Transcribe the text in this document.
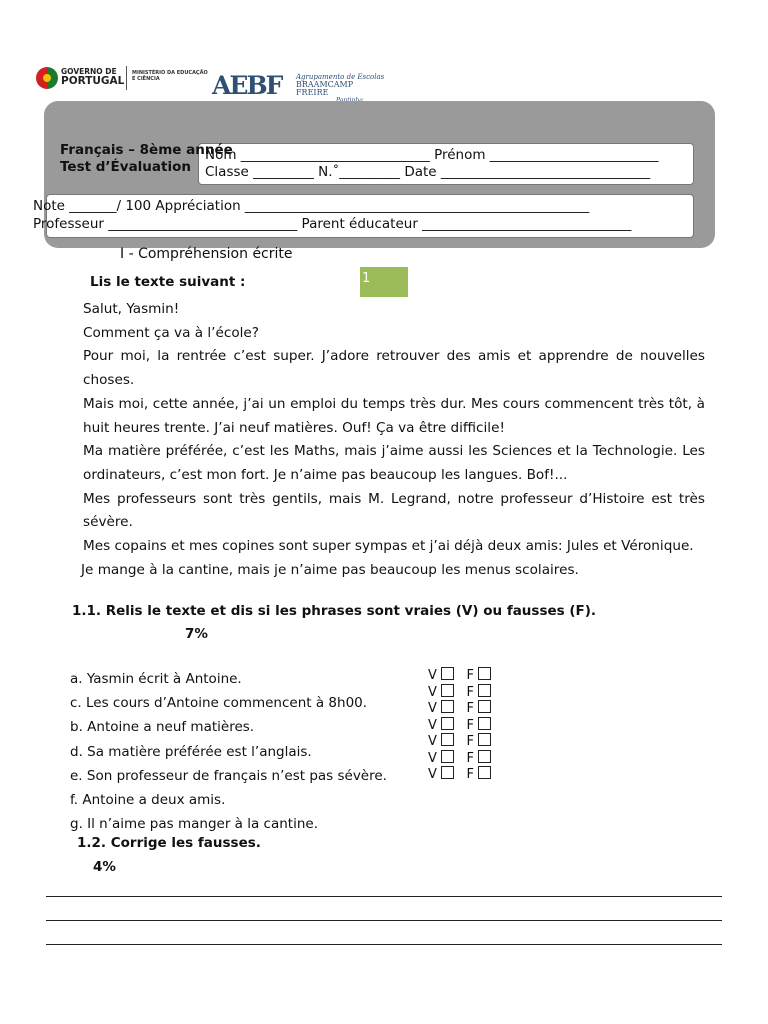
GOVERNO DE
PORTUGAL
MINISTÉRIO DA EDUCAÇÃO
E CIÊNCIA	AEBF Agrupamento de Escolas
BRAAMCAMP
FREIRE
Français – 8ème année
Test d’Évaluation
Nom ____________________________ Prénom _________________________
Classe _________ N.˚_________ Date _______________________________
Note _______/ 100 Appréciation ___________________________________________________
Professeur ____________________________ Parent éducateur _______________________________
I - Compréhension écrite
Lis le texte suivant :	1

Salut, Yasmin!

Comment ça va à l’école?

Pour moi, la rentrée c’est super. J’adore retrouver des amis et apprendre de nouvelles choses.

Mais moi, cette année, j’ai un emploi du temps très dur. Mes cours commencent très tôt, à huit heures trente. J’ai neuf matières. Ouf! Ça va être difficile!

Ma matière préférée, c’est les Maths, mais j’aime aussi les Sciences et la Technologie. Les ordinateurs, c’est mon fort. Je n’aime pas beaucoup les langues. Bof!...

Mes professeurs sont très gentils, mais M. Legrand, notre professeur d’Histoire est très sévère.

Mes copains et mes copines sont super sympas et j’ai déjà deux amis: Jules et Véronique.

Je mange à la cantine, mais je n’aime pas beaucoup les menus scolaires.

1.1. Relis le texte et dis si les phrases sont vraies (V) ou fausses (F).
7%
a. Yasmin écrit à Antoine.
c. Les cours d’Antoine commencent à 8h00.
b. Antoine a neuf matières.
d. Sa matière préférée est l’anglais.
e. Son professeur de français n’est pas sévère.
f. Antoine a deux amis.
g. Il n’aime pas manger à la cantine.
V F
V F
V F
V F
V F
V F
V F
1.2. Corrige les fausses.
4%
